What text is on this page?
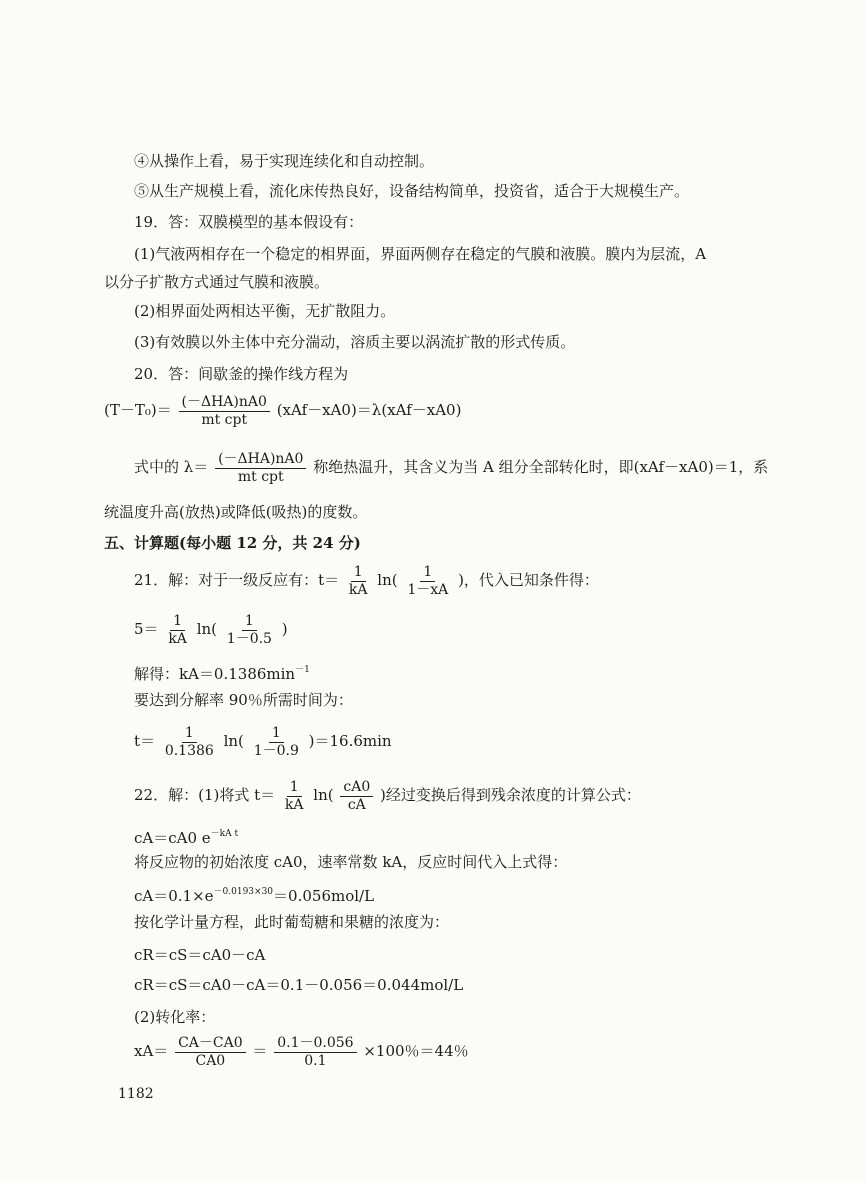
④从操作上看，易于实现连续化和自动控制。
⑤从生产规模上看，流化床传热良好，设备结构简单，投资省，适合于大规模生产。
19．答：双膜模型的基本假设有：
(1)气液两相存在一个稳定的相界面，界面两侧存在稳定的气膜和液膜。膜内为层流，A
以分子扩散方式通过气膜和液膜。
(2)相界面处两相达平衡，无扩散阻力。
(3)有效膜以外主体中充分湍动，溶质主要以涡流扩散的形式传质。
20．答：间歇釜的操作线方程为
$(T-T_0)= \frac{\text{(－ΔHA)nA0}}{\text{mt cpt}} (xAf-xA0)=\lambda(xAf-xA0)$
式中的 $\lambda= \frac{\text{(－ΔHA)nA0}}{\text{mt cpt}}$ 称绝热温升，其含义为当 A 组分全部转化时，即(xAf－xA0)＝1，系
统温度升高(放热)或降低(吸热)的度数。
五、计算题(每小题 12 分，共 24 分)
21．解：对于一级反应有：$t= \frac{1}{kA} \ln( \frac{1}{1-xA}$ )，代入已知条件得：
$5= \frac{1}{kA} \ln( \frac{1}{1-0.5}$ )
解得：$kA=0.1386\min^{-1}$
要达到分解率 90％所需时间为：
$t= \frac{1}{0.1386} \ln( \frac{1}{1-0.9} )=16.6\min$
22．解：(1)将式 $t= \frac{1}{kA} \ln( \frac{cA0}{cA}$ )经过变换后得到残余浓度的计算公式：
cA＝cA0 $e^{-kA t}$
将反应物的初始浓度 cA0，速率常数 kA，反应时间代入上式得：
$cA=0.1\times e^{-0.0193\times 30}=0.056mol/L$
按化学计量方程，此时葡萄糖和果糖的浓度为：
cR＝cS＝cA0－cA
cR＝cS＝cA0－cA＝0.1－0.056＝0.044mol/L
(2)转化率：
$xA= \frac{CA-CA0}{CA0} = \frac{0.1-0.056}{0.1} \times 100$％＝44％
1182
